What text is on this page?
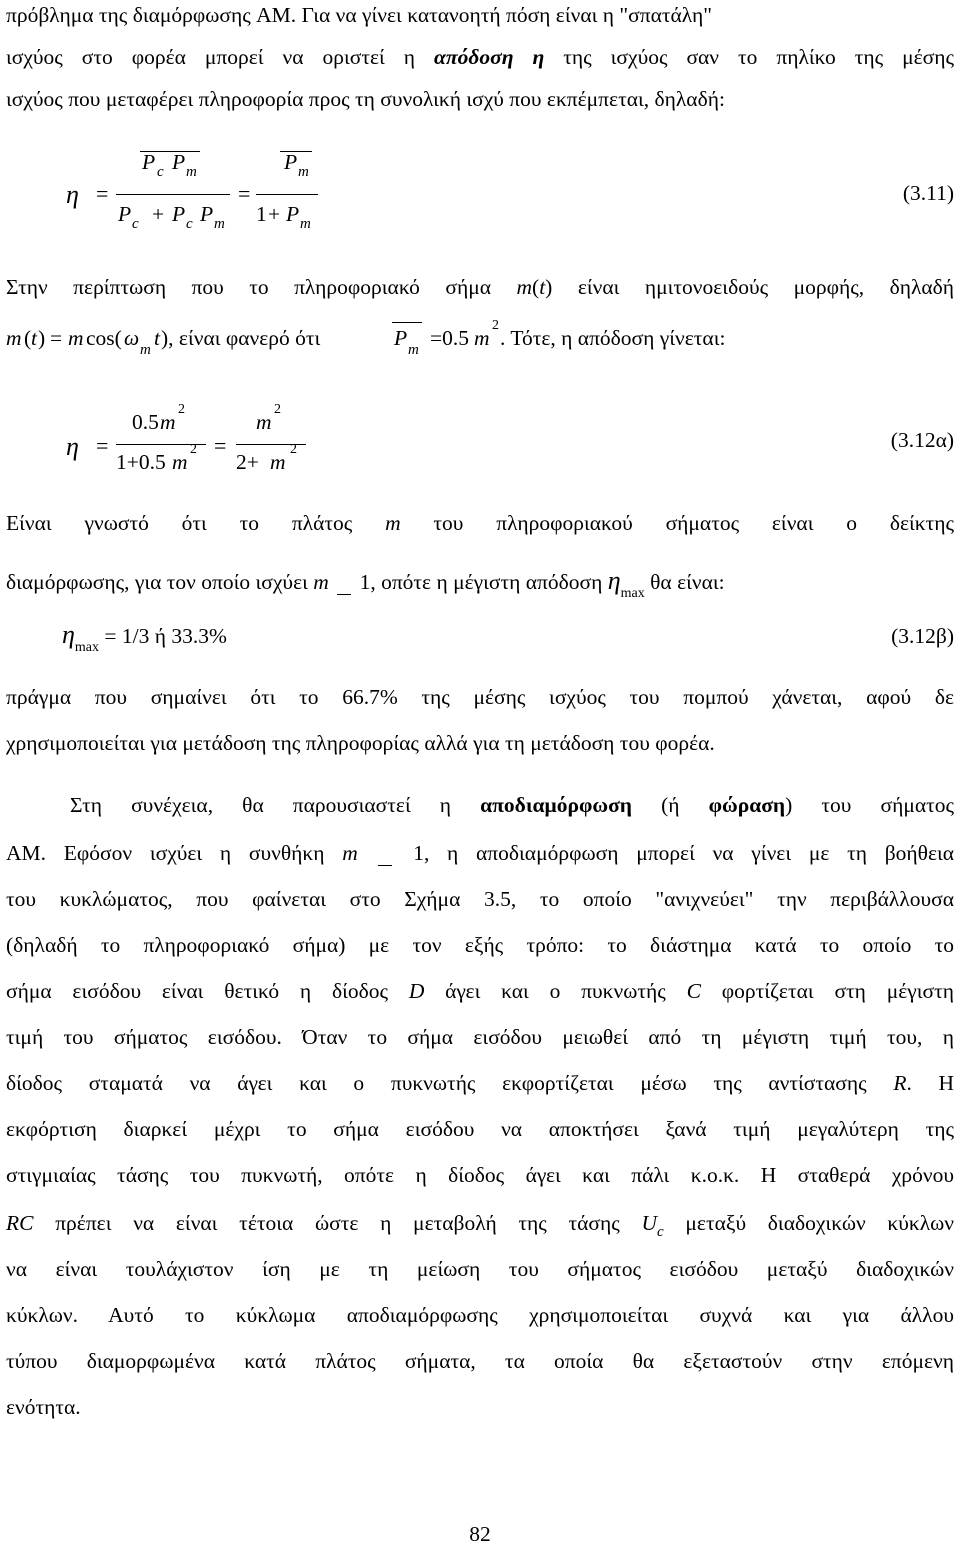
πρόβλημα της διαμόρφωσης AM. Για να γίνει κατανοητή πόση είναι η "σπατάλη"
ισχύος στο φορέα μπορεί να οριστεί η απόδοση η της ισχύος σαν το πηλίκο της μέσης
ισχύος που μεταφέρει πληροφορία προς τη συνολική ισχύ που εκπέμπεται, δηλαδή:
η =
P c P m
P c + P c P m
=
P m
1 + P m
(3.11)
Στην περίπτωση που το πληροφοριακό σήμα m(t) είναι ημιτονοειδούς μορφής, δηλαδή
m ( t ) = m cos( ω m t ), είναι φανερό ότι	P m =0.5 m
2
. Τότε, η απόδοση γίνεται:
η =
0.5 m
2
1+0.5 m
2 =
m
2
2+ m
2	(3.12α)
Είναι γνωστό ότι το πλάτος m του πληροφοριακού σήματος είναι ο δείκτης
διαμόρφωσης, για τον οποίο ισχύει m 1, οπότε η μέγιστη απόδοση $\eta_{max}$ θα είναι:
$\eta_{max} = 1/3$ ή 33.3%	(3.12β)
πράγμα που σημαίνει ότι το 66.7% της μέσης ισχύος του πομπού χάνεται, αφού δε
χρησιμοποιείται για μετάδοση της πληροφορίας αλλά για τη μετάδοση του φορέα.
Στη συνέχεια, θα παρουσιαστεί η αποδιαμόρφωση (ή φώραση) του σήματος
AM. Εφόσον ισχύει η συνθήκη m	1, η αποδιαμόρφωση μπορεί να γίνει με τη βοήθεια
του κυκλώματος, που φαίνεται στο Σχήμα 3.5, το οποίο "ανιχνεύει" την περιβάλλουσα
(δηλαδή το πληροφοριακό σήμα) με τον εξής τρόπο: το διάστημα κατά το οποίο το
σήμα εισόδου είναι θετικό η δίοδος D άγει και ο πυκνωτής C φορτίζεται στη μέγιστη
τιμή του σήματος εισόδου. Όταν το σήμα εισόδου μειωθεί από τη μέγιστη τιμή του, η
δίοδος σταματά να άγει και ο πυκνωτής εκφορτίζεται μέσω της αντίστασης R. Η
εκφόρτιση διαρκεί μέχρι το σήμα εισόδου να αποκτήσει ξανά τιμή μεγαλύτερη της
στιγμιαίας τάσης του πυκνωτή, οπότε η δίοδος άγει και πάλι κ.ο.κ. Η σταθερά χρόνου
RC πρέπει να είναι τέτοια ώστε η μεταβολή της τάσης $U_c$ μεταξύ διαδοχικών κύκλων
να είναι τουλάχιστον ίση με τη μείωση του σήματος εισόδου μεταξύ διαδοχικών
κύκλων. Αυτό το κύκλωμα αποδιαμόρφωσης χρησιμοποιείται συχνά και για άλλου
τύπου διαμορφωμένα κατά πλάτος σήματα, τα οποία θα εξεταστούν στην επόμενη
ενότητα.
82
